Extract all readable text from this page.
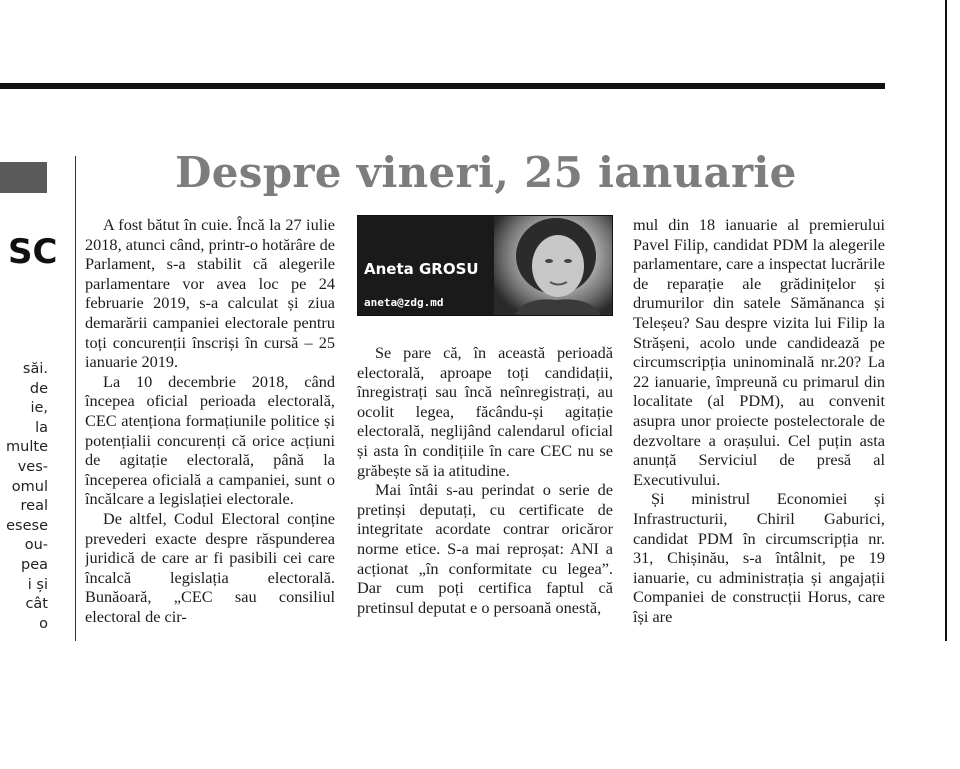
SC
săi.
de
ie,
la
multe
ves-
omul
real
esese
ou-
pea
i și
cât
o
Despre vineri, 25 ianuarie

A fost bătut în cuie. Încă la 27 iulie 2018, atunci când, printr-o hotărâre de Parlament, s-a stabilit că alegerile parlamentare vor avea loc pe 24 februarie 2019, s-a calculat și ziua demarării campaniei electorale pentru toți concurenții înscriși în cursă – 25 ianuarie 2019.

La 10 decembrie 2018, când începea oficial perioada electorală, CEC atenționa formațiunile politice și potențialii concurenți că orice acțiuni de agitație electorală, până la începerea oficială a campaniei, sunt o încălcare a legislației electorale.

De altfel, Codul Electoral conține prevederi exacte despre răspunderea juridică de care ar fi pasibili cei care încalcă legislația electorală. Bunăoară, „CEC sau consiliul electoral de cir-

Aneta GROSU
aneta@zdg.md

Se pare că, în această perioadă electorală, aproape toți candidații, înregistrați sau încă neînregistrați, au ocolit legea, făcându-și agitație electorală, neglijând calendarul oficial și asta în condițiile în care CEC nu se grăbește să ia atitudine.

Mai întâi s-au perindat o serie de pretinși deputați, cu certificate de integritate acordate contrar oricăror norme etice. S-a mai reproșat: ANI a acționat „în conformitate cu legea”. Dar cum poți certifica faptul că pretinsul deputat e o persoană onestă,

mul din 18 ianuarie al premierului Pavel Filip, candidat PDM la alegerile parlamentare, care a inspectat lucrările de reparație ale grădinițelor și drumurilor din satele Sămănanca și Teleșeu? Sau despre vizita lui Filip la Strășeni, acolo unde candidează pe circumscripția uninominală nr.20? La 22 ianuarie, împreună cu primarul din localitate (al PDM), au convenit asupra unor proiecte postelectorale de dezvoltare a orașului. Cel puțin asta anunță Serviciul de presă al Executivului.

Și ministrul Economiei și Infrastructurii, Chiril Gaburici, candidat PDM în circumscripția nr. 31, Chișinău, s-a întâlnit, pe 19 ianuarie, cu administrația și angajații Companiei de construcții Horus, care își are
